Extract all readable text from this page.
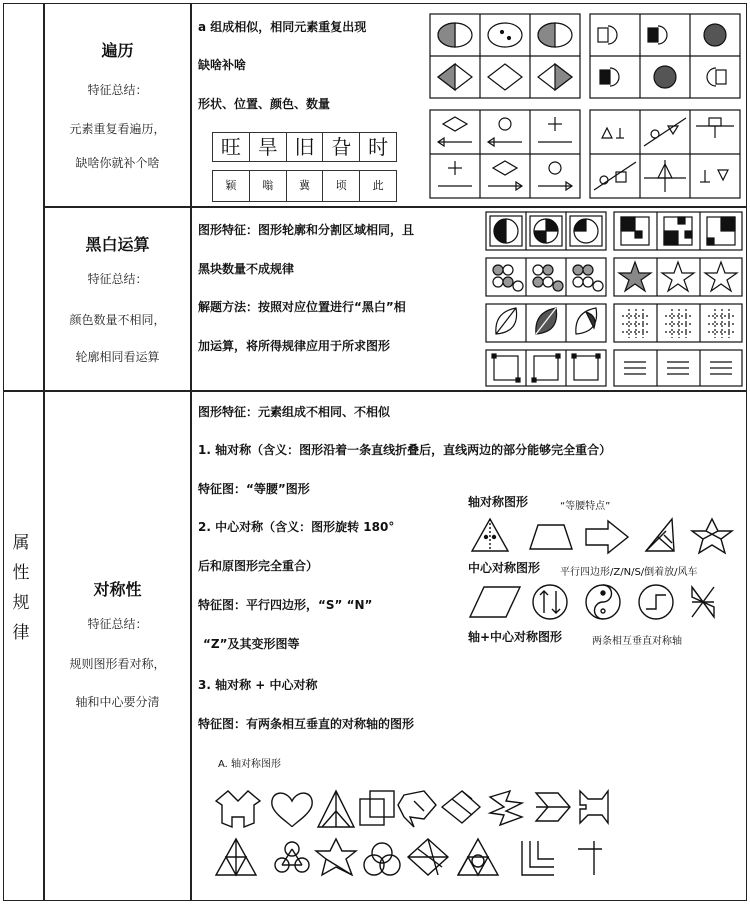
属
性
规
律
遍历
特征总结：
元素重复看遍历，
缺啥你就补个啥
黑白运算
特征总结：
颜色数量不相同，
轮廓相同看运算
对称性
特征总结：
规则图形看对称，
轴和中心要分清
a 组成相似，相同元素重复出现
缺啥补啥
形状、位置、颜色、数量
旺 旱 旧 旮 时
颖	嗡	冀	顷	此
图形特征：图形轮廓和分割区域相同，且
黑块数量不成规律
解题方法：按照对应位置进行“黑白”相
加运算，将所得规律应用于所求图形
图形特征：元素组成不相同、不相似
1. 轴对称（含义：图形沿着一条直线折叠后，直线两边的部分能够完全重合）
特征图：“等腰”图形
2. 中心对称（含义：图形旋转 180°
后和原图形完全重合）
特征图：平行四边形，“S” “N”
“Z”及其变形图等
3. 轴对称 + 中心对称
特征图：有两条相互垂直的对称轴的图形
轴对称图形	“等腰特点”
中心对称图形 平行四边形/Z/N/S/倒着放/风车
轴+中心对称图形	两条相互垂直对称轴
A. 轴对称图形
